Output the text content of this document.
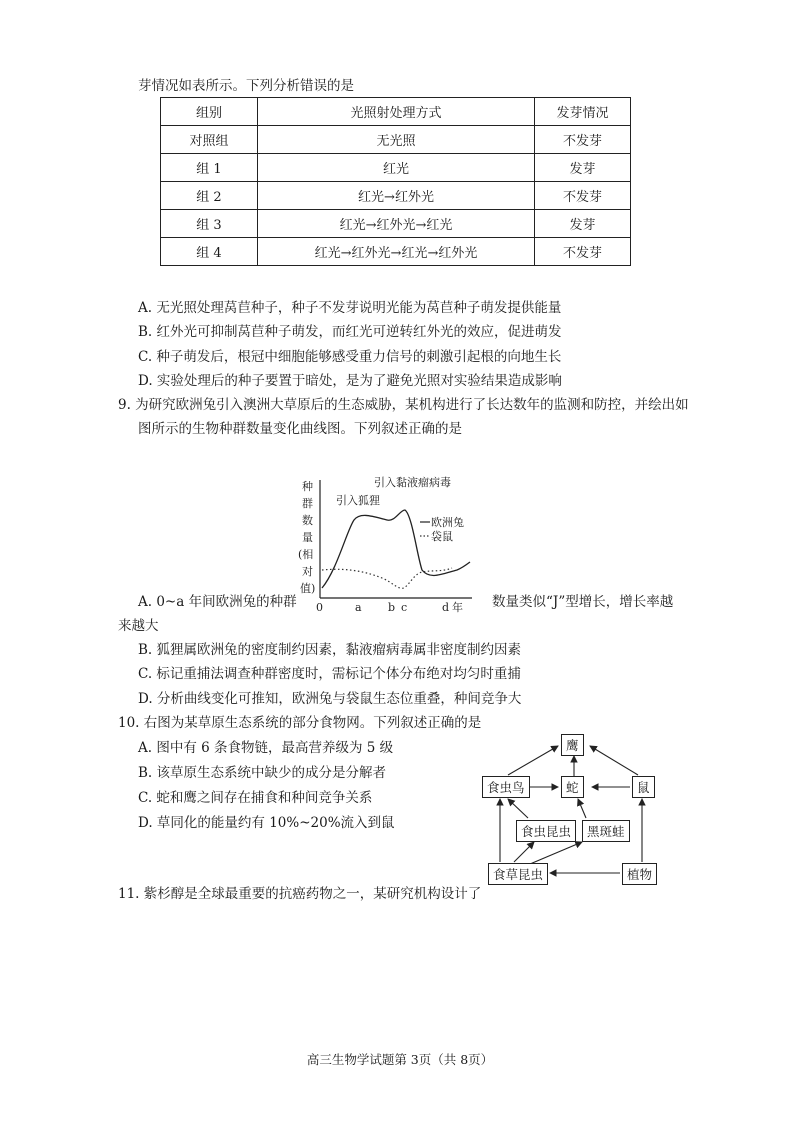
芽情况如表所示。下列分析错误的是
组别	光照射处理方式	发芽情况
对照组	无光照	不发芽
组 1	红光	发芽
组 2	红光→红外光	不发芽
组 3	红光→红外光→红光	发芽
组 4	红光→红外光→红光→红外光	不发芽
A. 无光照处理莴苣种子，种子不发芽说明光能为莴苣种子萌发提供能量
B. 红外光可抑制莴苣种子萌发，而红光可逆转红外光的效应，促进萌发
C. 种子萌发后，根冠中细胞能够感受重力信号的刺激引起根的向地生长
D. 实验处理后的种子要置于暗处，是为了避免光照对实验结果造成影响
9. 为研究欧洲兔引入澳洲大草原后的生态威胁，某机构进行了长达数年的监测和防控，并绘出如
图所示的生物种群数量变化曲线图。下列叙述正确的是
种
群
数
量
(相
对
值)
0	a b c	d 年
引入狐狸
引入黏液瘤病毒
欧洲兔
袋鼠
A. 0~a 年间欧洲兔的种群	数量类似“J”型增长，增长率越
来越大
B. 狐狸属欧洲兔的密度制约因素，黏液瘤病毒属非密度制约因素
C. 标记重捕法调查种群密度时，需标记个体分布绝对均匀时重捕
D. 分析曲线变化可推知，欧洲兔与袋鼠生态位重叠，种间竞争大
10. 右图为某草原生态系统的部分食物网。下列叙述正确的是
A. 图中有 6 条食物链，最高营养级为 5 级
B. 该草原生态系统中缺少的成分是分解者
C. 蛇和鹰之间存在捕食和种间竞争关系
D. 草同化的能量约有 10%~20%流入到鼠
鹰
食虫鸟	蛇	鼠
食虫昆虫	黑斑蛙
食草昆虫	植物
11. 紫杉醇是全球最重要的抗癌药物之一，某研究机构设计了
高三生物学试题第 3页（共 8页）
